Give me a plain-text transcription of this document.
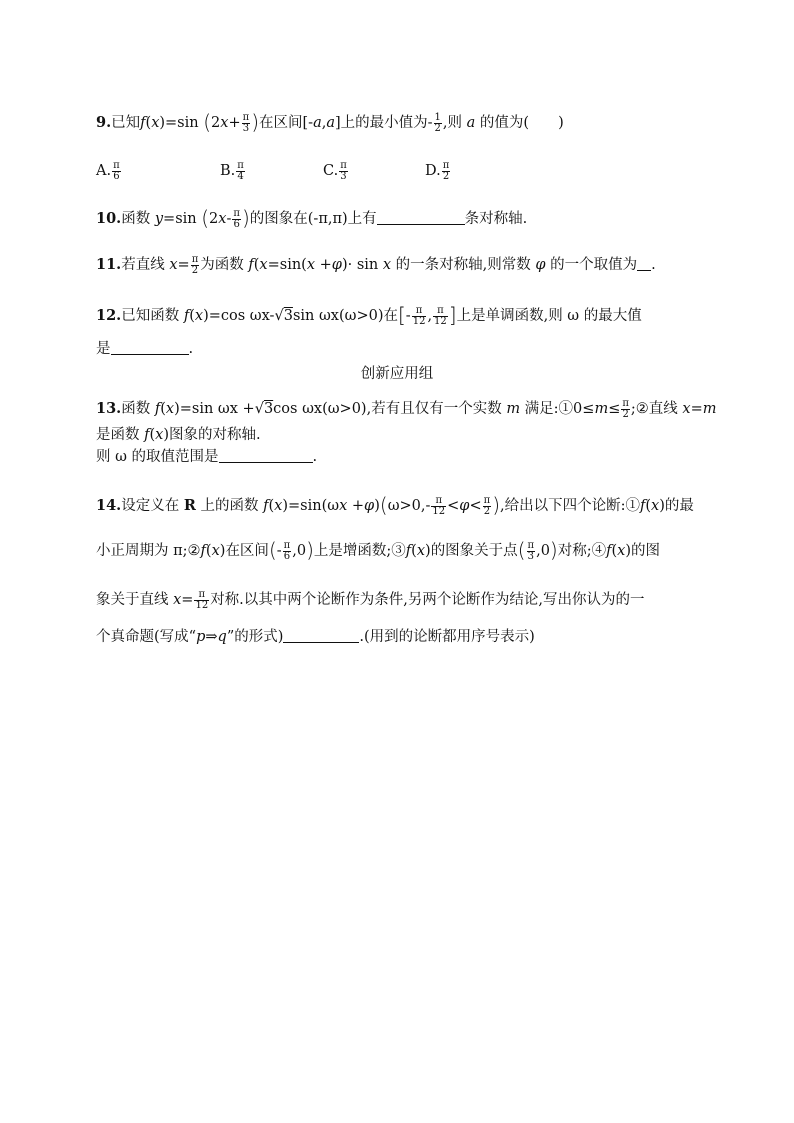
9.已知f(x)=sin ($2x+ \frac{\pi}{3}$ )在区间[-a,a]上的最小值为- $\frac{1}{2}$ ,则 a 的值为(　　)
A. $\frac{\pi}{6}$	B. $\frac{\pi}{4}$	C. $\frac{\pi}{3}$	D. $\frac{\pi}{2}$
10.函数 y=sin ($2x- \frac{\pi}{6}$ )的图象在(-π,π)上有	条对称轴.
11.若直线 $x= \frac{\pi}{2}$ 为函数 f(x=sin(x +φ)· sin x 的一条对称轴,则常数 φ 的一个取值为 .
12.已知函数 f(x)=cos ωx-√3sin ωx(ω>0)在[- $\frac{\pi}{12}$ , $\frac{\pi}{12}$ ]上是单调函数,则 ω 的最大值
是	.
创新应用组
13.函数 f(x)=sin ωx +√3cos ωx(ω>0),若有且仅有一个实数 m 满足:①0≤m≤ $\frac{\pi}{2}$ ;②直线 x=m
是函数 f(x)图象的对称轴.
则 ω 的取值范围是	.
14.设定义在 R 上的函数 $f(x)=\sin(\omega x +\varphi)(\omega>0,- \frac{\pi}{12} <\varphi< \frac{\pi}{2}$ ),给出以下四个论断:①f(x)的最
小正周期为 π;②f(x)在区间(- $\frac{\pi}{6} ,0$)上是增函数;③f(x)的图象关于点( $\frac{\pi}{3} ,0$)对称;④f(x)的图
象关于直线 $x= \frac{\pi}{12}$ 对称.以其中两个论断作为条件,另两个论断作为结论,写出你认为的一
个真命题(写成“p⇒q”的形式)	.(用到的论断都用序号表示)
